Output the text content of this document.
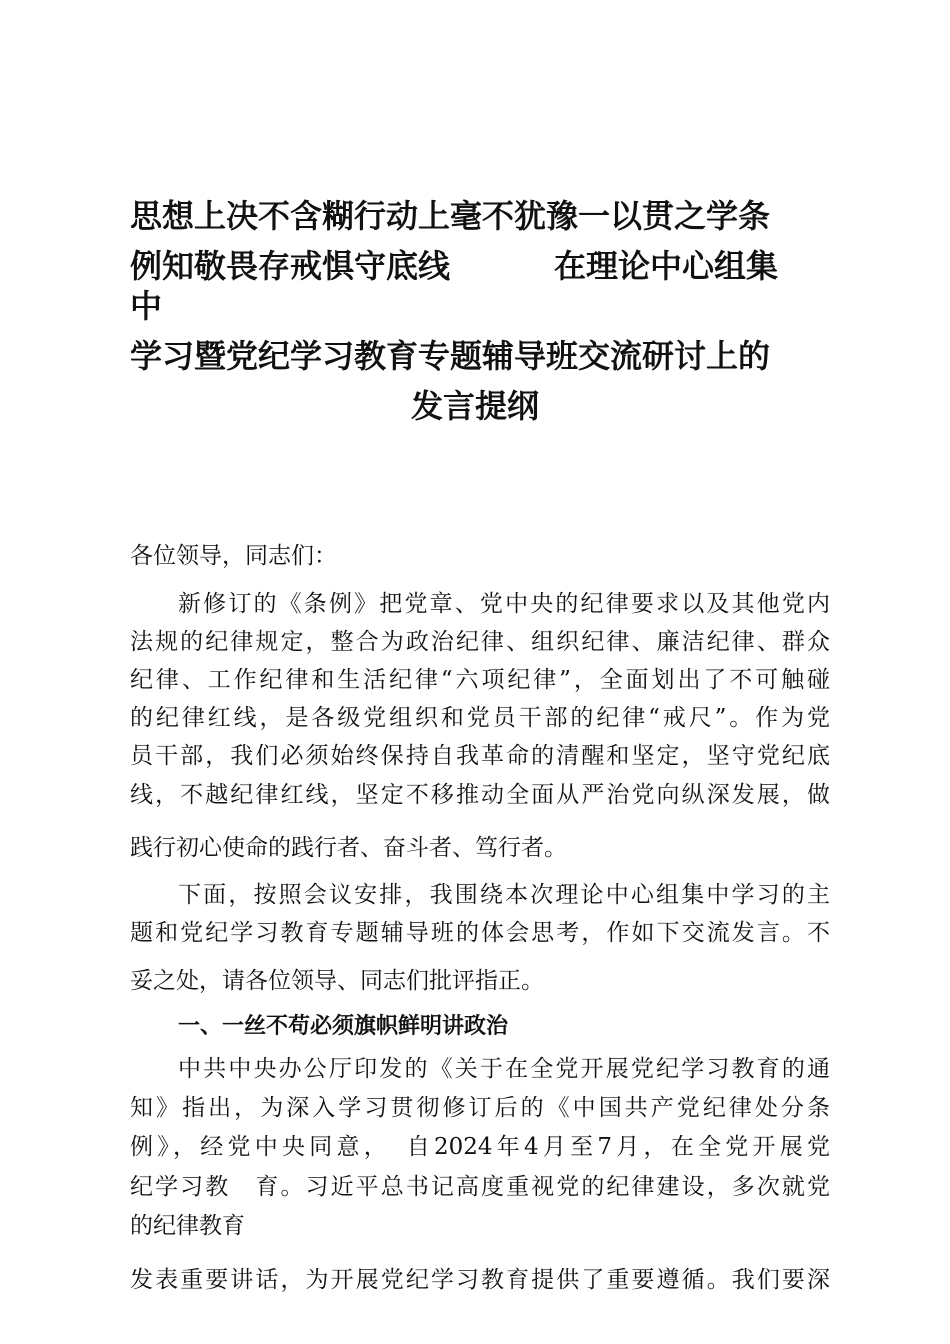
思想上决不含糊行动上毫不犹豫一以贯之学条
例知敬畏存戒惧守底线	在理论中心组集
中
学习暨党纪学习教育专题辅导班交流研讨上的
发言提纲
各位领导，同志们：
新修订的《条例》把党章、党中央的纪律要求以及其他党内
法规的纪律规定，整合为政治纪律、组织纪律、廉洁纪律、群众
纪律、工作纪律和生活纪律“六项纪律”，全面划出了不可触碰
的纪律红线，是各级党组织和党员干部的纪律“戒尺”。作为党
员干部，我们必须始终保持自我革命的清醒和坚定，坚守党纪底
线，不越纪律红线，坚定不移推动全面从严治党向纵深发展，做
践行初心使命的践行者、奋斗者、笃行者。
下面，按照会议安排，我围绕本次理论中心组集中学习的主
题和党纪学习教育专题辅导班的体会思考，作如下交流发言。不
妥之处，请各位领导、同志们批评指正。
一、一丝不苟必须旗帜鲜明讲政治
中共中央办公厅印发的《关于在全党开展党纪学习教育的通
知》指出，为深入学习贯彻修订后的《中国共产党纪律处分条
例》，经党中央同意，　自2024年4月至7月，在全党开展党
纪学习教　育。习近平总书记高度重视党的纪律建设，多次就党
的纪律教育
发表重要讲话，为开展党纪学习教育提供了重要遵循。我们要深
